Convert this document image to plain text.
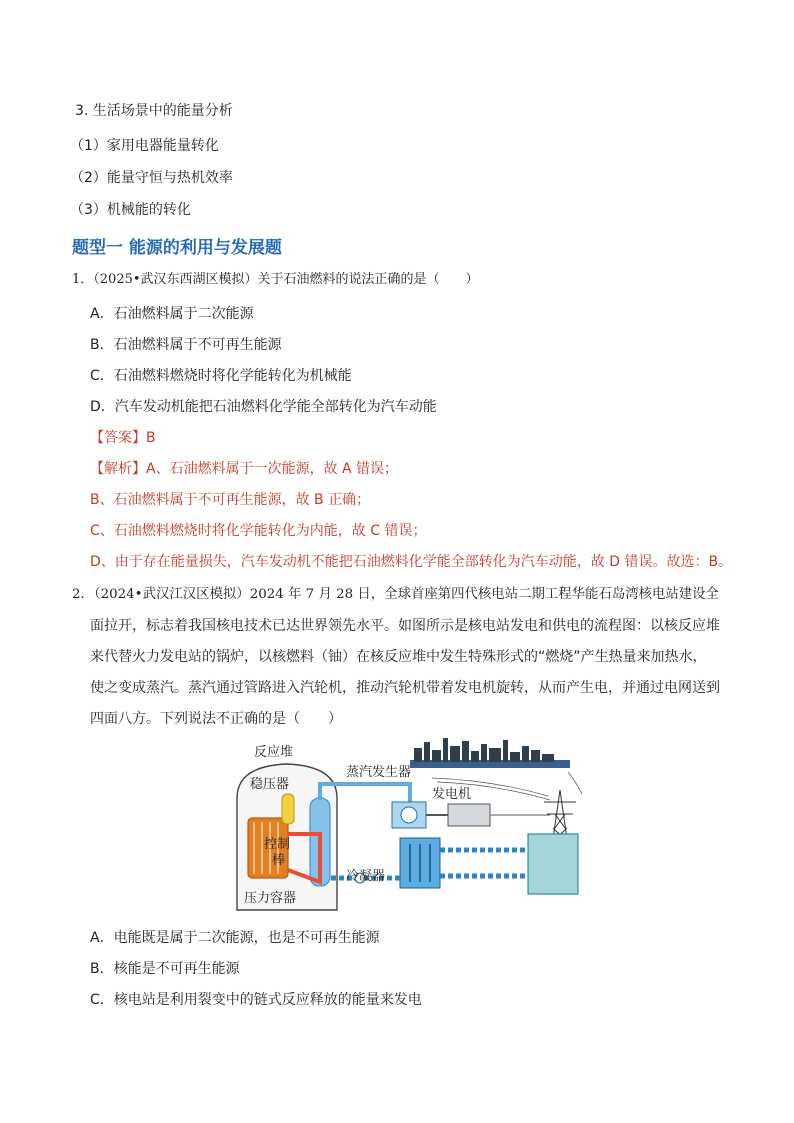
3. 生活场景中的能量分析
（1）家用电器能量转化
（2）能量守恒与热机效率
（3）机械能的转化
题型一 能源的利用与发展题
1．（2025•武汉东西湖区模拟）关于石油燃料的说法正确的是（　　）
A．石油燃料属于二次能源
B．石油燃料属于不可再生能源
C．石油燃料燃烧时将化学能转化为机械能
D．汽车发动机能把石油燃料化学能全部转化为汽车动能
【答案】B
【解析】A、石油燃料属于一次能源，故 A 错误；
B、石油燃料属于不可再生能源，故 B 正确；
C、石油燃料燃烧时将化学能转化为内能，故 C 错误；
D、由于存在能量损失，汽车发动机不能把石油燃料化学能全部转化为汽车动能，故 D 错误。故选：B。
2．（2024•武汉江汉区模拟）2024 年 7 月 28 日，全球首座第四代核电站二期工程华能石岛湾核电站建设全
面拉开，标志着我国核电技术已达世界领先水平。如图所示是核电站发电和供电的流程图：以核反应堆
来代替火力发电站的锅炉，以核燃料（铀）在核反应堆中发生特殊形式的“燃烧”产生热量来加热水，
使之变成蒸汽。蒸汽通过管路进入汽轮机，推动汽轮机带着发电机旋转，从而产生电，并通过电网送到
四面八方。下列说法不正确的是（　　）
反应堆
稳压器
蒸汽发生器
发电机
控制
棒
冷凝器
压力容器
A．电能既是属于二次能源，也是不可再生能源
B．核能是不可再生能源
C．核电站是利用裂变中的链式反应释放的能量来发电
